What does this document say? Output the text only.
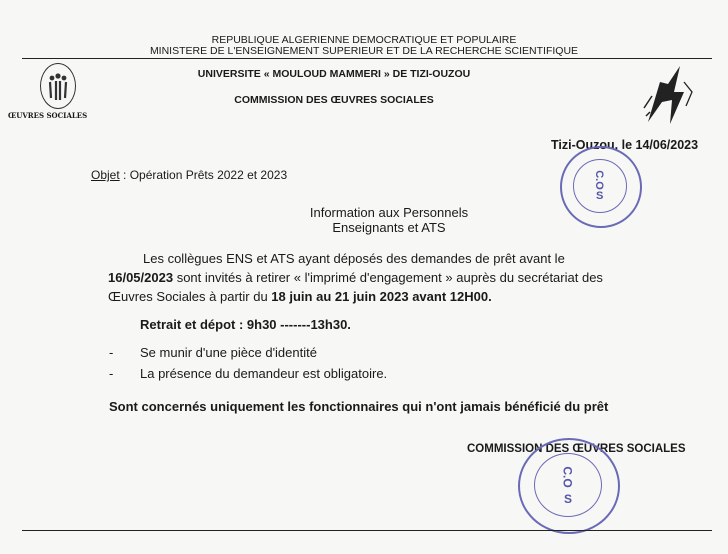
REPUBLIQUE ALGERIENNE DEMOCRATIQUE ET POPULAIRE
MINISTERE DE L'ENSEIGNEMENT SUPERIEUR ET DE LA RECHERCHE SCIENTIFIQUE
UNIVERSITE « MOULOUD MAMMERI » DE TIZI-OUZOU
COMMISSION DES ŒUVRES SOCIALES
ŒUVRES SOCIALES
Tizi-Ouzou, le 14/06/2023
C.O
S
Objet : Opération Prêts 2022 et 2023
Information aux Personnels
Enseignants et ATS
Les collègues ENS et ATS ayant déposés des demandes de prêt avant le
16/05/2023 sont invités à retirer « l'imprimé d'engagement » auprès du secrétariat des
Œuvres Sociales à partir du 18 juin au 21 juin 2023 avant 12H00.
Retrait et dépot : 9h30 -------13h30.
- Se munir d'une pièce d'identité
- La présence du demandeur est obligatoire.
Sont concernés uniquement les fonctionnaires qui n'ont jamais bénéficié du prêt
COMMISSION DES ŒUVRES SOCIALES
C.O
S
